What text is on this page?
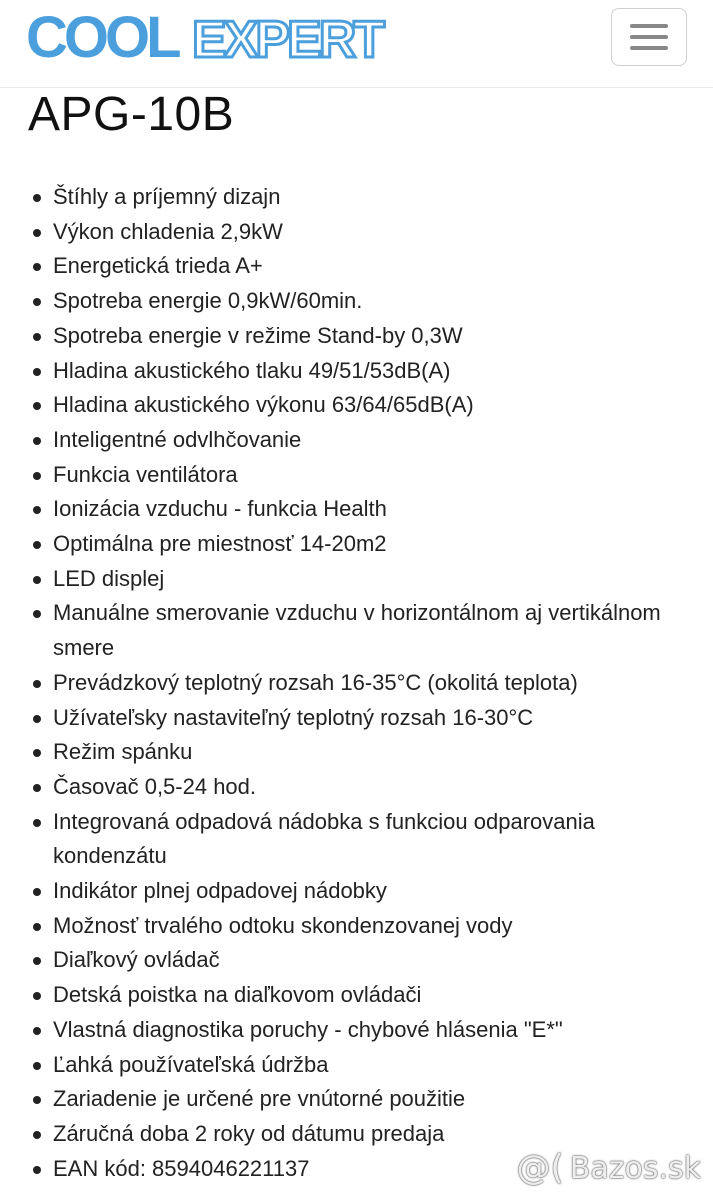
COOL EXPERT
APG-10B
Štíhly a príjemný dizajn
Výkon chladenia 2,9kW
Energetická trieda A+
Spotreba energie 0,9kW/60min.
Spotreba energie v režime Stand-by 0,3W
Hladina akustického tlaku 49/51/53dB(A)
Hladina akustického výkonu 63/64/65dB(A)
Inteligentné odvlhčovanie
Funkcia ventilátora
Ionizácia vzduchu - funkcia Health
Optimálna pre miestnosť 14-20m2
LED displej
Manuálne smerovanie vzduchu v horizontálnom aj vertikálnom smere
Prevádzkový teplotný rozsah 16-35°C (okolitá teplota)
Užívateľsky nastaviteľný teplotný rozsah 16-30°C
Režim spánku
Časovač 0,5-24 hod.
Integrovaná odpadová nádobka s funkciou odparovania kondenzátu
Indikátor plnej odpadovej nádobky
Možnosť trvalého odtoku skondenzovanej vody
Diaľkový ovládač
Detská poistka na diaľkovom ovládači
Vlastná diagnostika poruchy - chybové hlásenia "E*"
Ľahká používateľská údržba
Zariadenie je určené pre vnútorné použitie
Záručná doba 2 roky od dátumu predaja
EAN kód: 8594046221137	@( Bazos.sk
